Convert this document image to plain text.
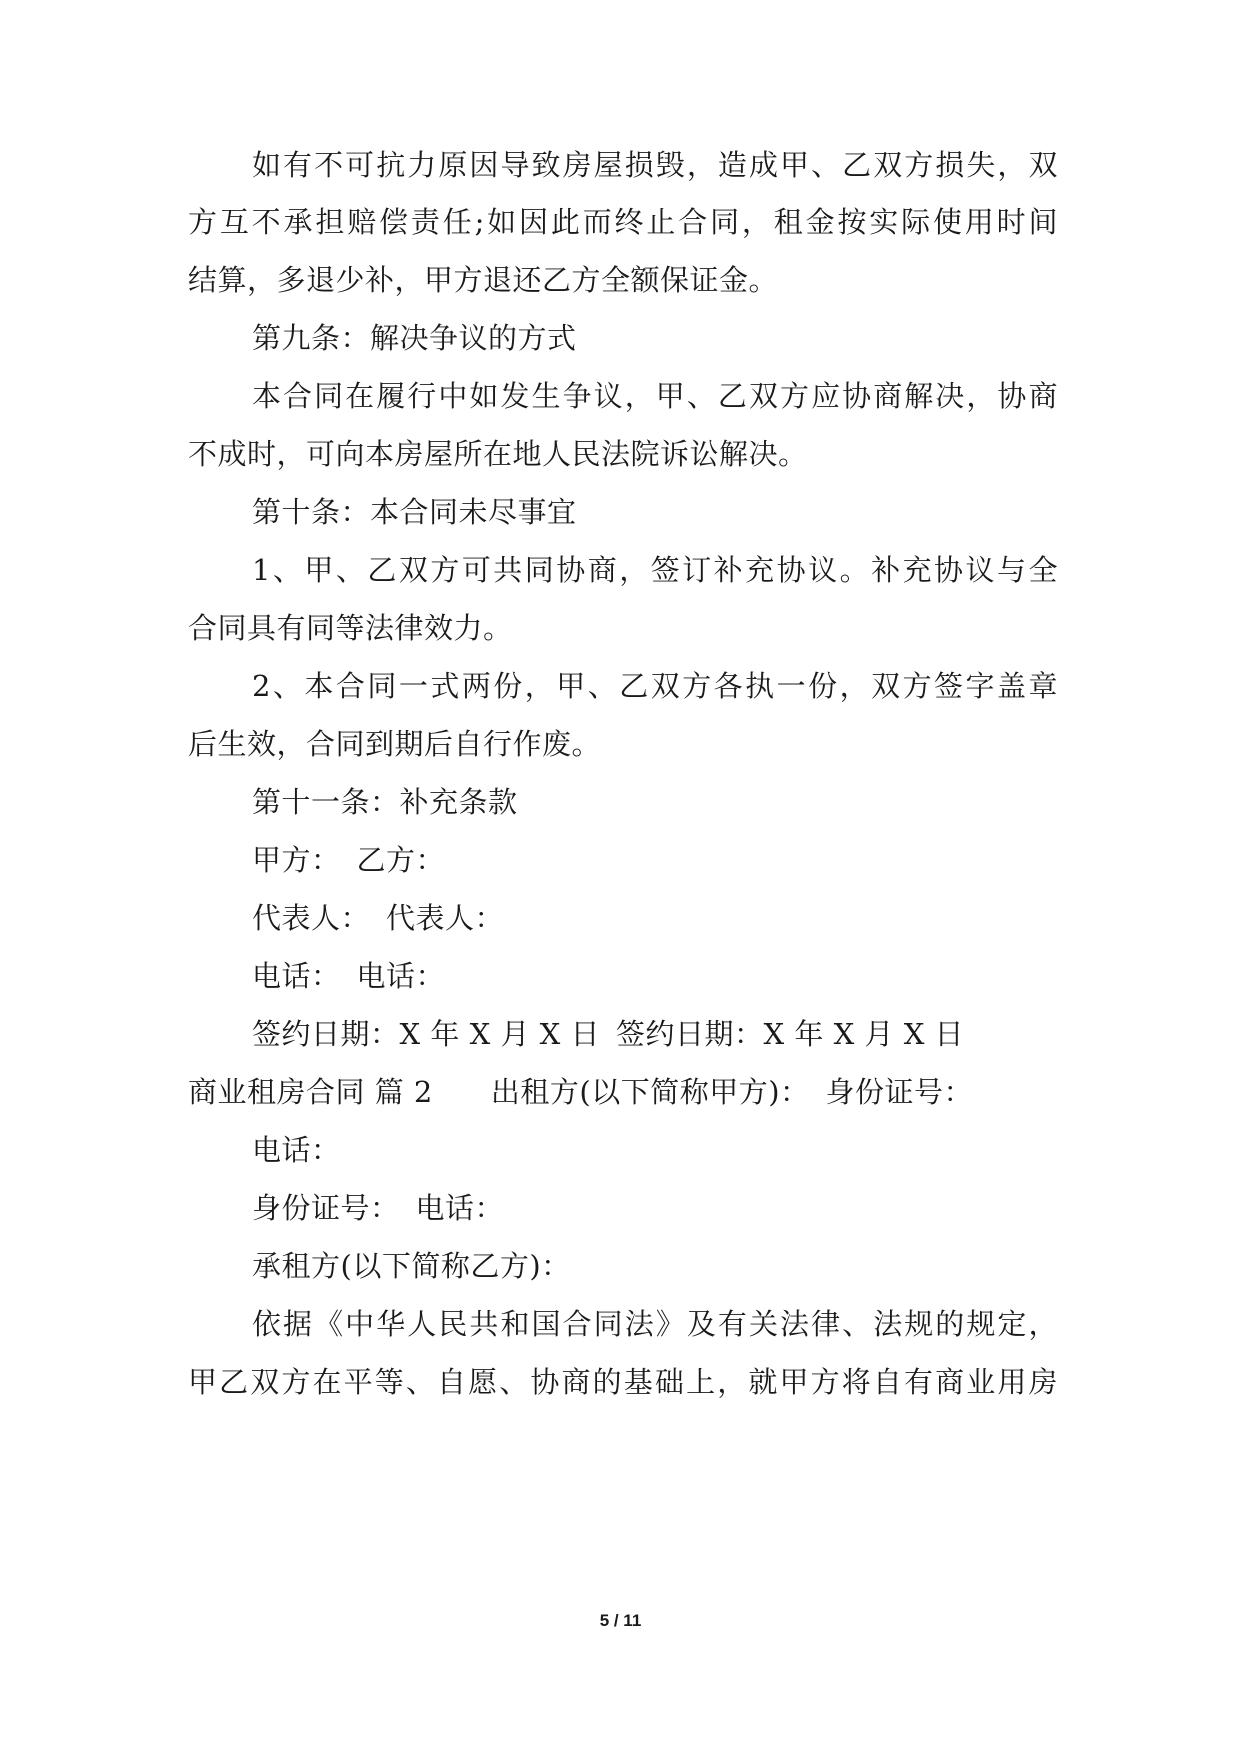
如有不可抗力原因导致房屋损毁，造成甲、乙双方损失，双
方互不承担赔偿责任;如因此而终止合同，租金按实际使用时间
结算，多退少补，甲方退还乙方全额保证金。
第九条：解决争议的方式
本合同在履行中如发生争议，甲、乙双方应协商解决，协商
不成时，可向本房屋所在地人民法院诉讼解决。
第十条：本合同未尽事宜
1、甲、乙双方可共同协商，签订补充协议。补充协议与全
合同具有同等法律效力。
2、本合同一式两份，甲、乙双方各执一份，双方签字盖章
后生效，合同到期后自行作废。
第十一条：补充条款
甲方： 乙方：
代表人： 代表人：
电话： 电话：
签约日期：X 年 X 月 X 日 签约日期：X 年 X 月 X 日
商业租房合同 篇 2 出租方(以下简称甲方)： 身份证号：
电话：
身份证号： 电话：
承租方(以下简称乙方)：
依据《中华人民共和国合同法》及有关法律、法规的规定，
甲乙双方在平等、自愿、协商的基础上，就甲方将自有商业用房
5 / 11
